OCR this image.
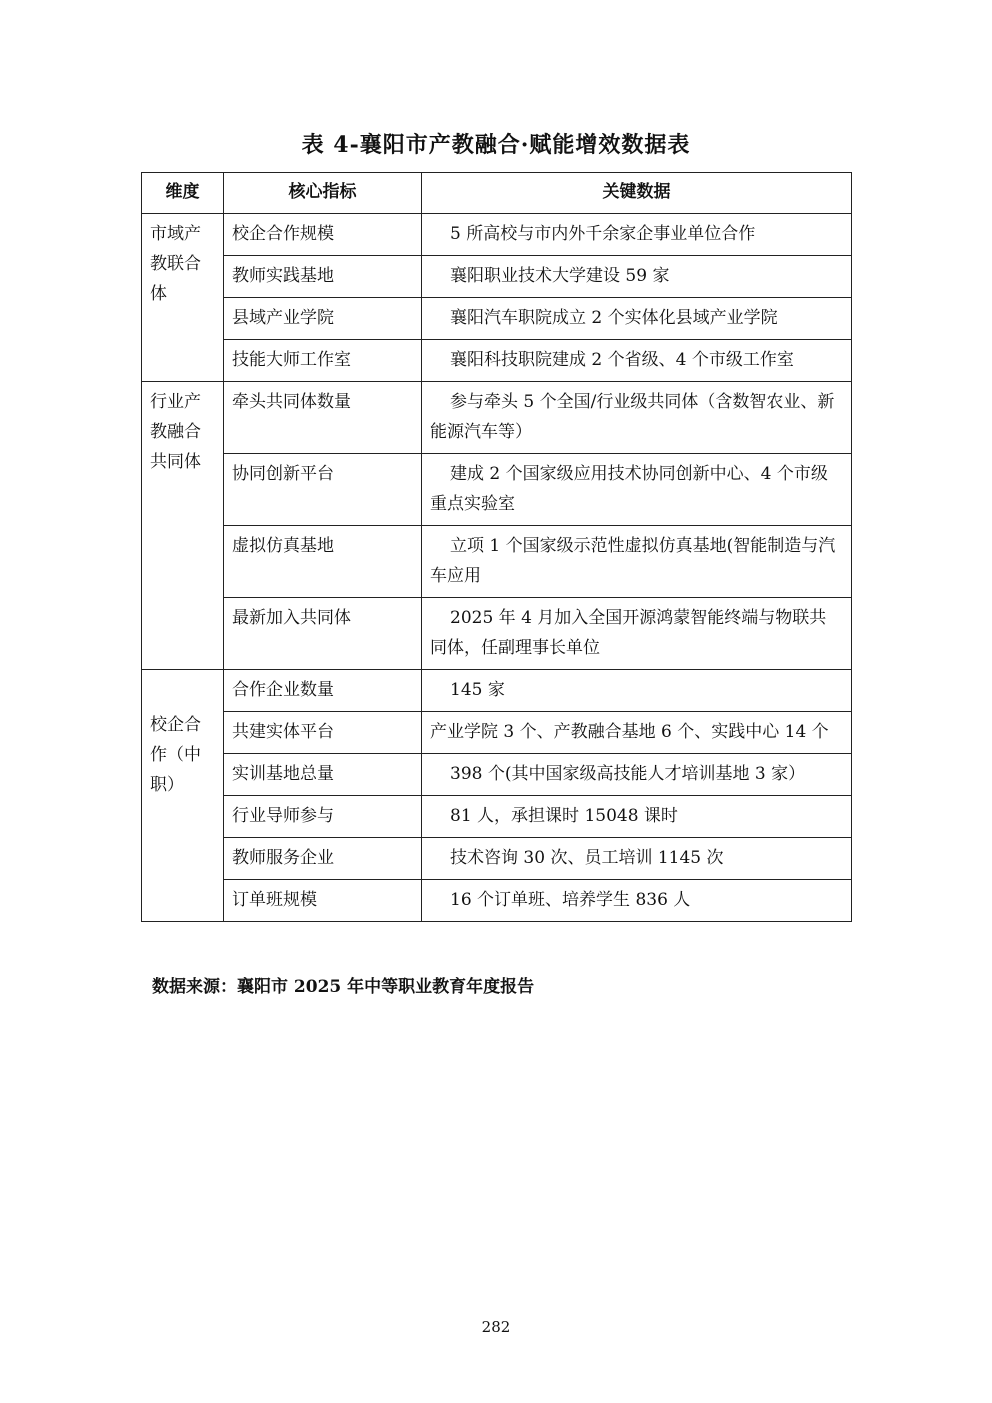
表 4-襄阳市产教融合·赋能增效数据表
维度	核心指标	关键数据
市域产教联合体	校企合作规模	5 所高校与市内外千余家企事业单位合作
	教师实践基地	襄阳职业技术大学建设 59 家
	县域产业学院	襄阳汽车职院成立 2 个实体化县域产业学院
	技能大师工作室	襄阳科技职院建成 2 个省级、4 个市级工作室
行业产教融合共同体	牵头共同体数量	参与牵头 5 个全国/行业级共同体（含数智农业、新能源汽车等）
	协同创新平台	建成 2 个国家级应用技术协同创新中心、4 个市级重点实验室
	虚拟仿真基地	立项 1 个国家级示范性虚拟仿真基地(智能制造与汽车应用
	最新加入共同体	2025 年 4 月加入全国开源鸿蒙智能终端与物联共同体，任副理事长单位
校企合作（中职）	合作企业数量	145 家
	共建实体平台	产业学院 3 个、产教融合基地 6 个、实践中心 14 个
	实训基地总量	398 个(其中国家级高技能人才培训基地 3 家）
	行业导师参与	81 人，承担课时 15048 课时
	教师服务企业	技术咨询 30 次、员工培训 1145 次
	订单班规模	16 个订单班、培养学生 836 人
数据来源：襄阳市 2025 年中等职业教育年度报告
282
